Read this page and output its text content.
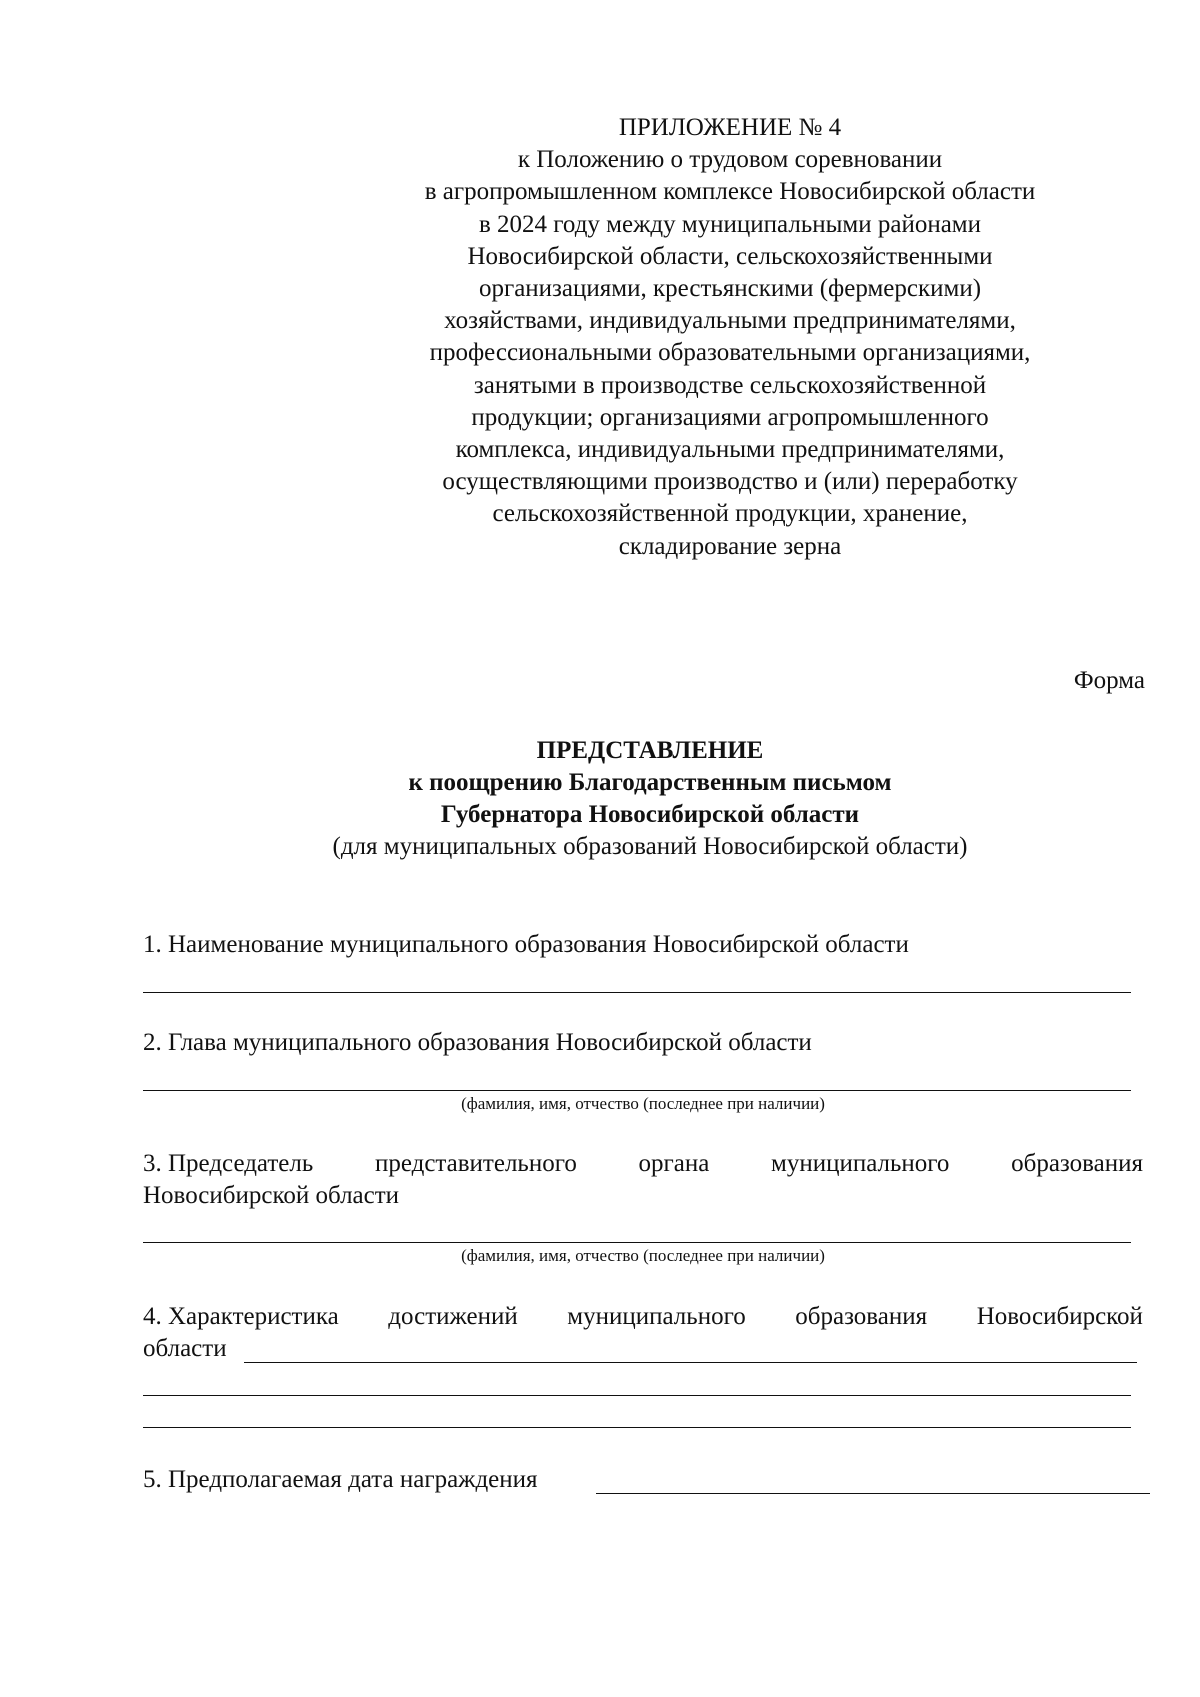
ПРИЛОЖЕНИЕ № 4
к Положению о трудовом соревновании
в агропромышленном комплексе Новосибирской области
в 2024 году между муниципальными районами
Новосибирской области, сельскохозяйственными
организациями, крестьянскими (фермерскими)
хозяйствами, индивидуальными предпринимателями,
профессиональными образовательными организациями,
занятыми в производстве сельскохозяйственной
продукции; организациями агропромышленного
комплекса, индивидуальными предпринимателями,
осуществляющими производство и (или) переработку
сельскохозяйственной продукции, хранение,
складирование зерна
Форма
ПРЕДСТАВЛЕНИЕ
к поощрению Благодарственным письмом
Губернатора Новосибирской области
(для муниципальных образований Новосибирской области)
1. Наименование муниципального образования Новосибирской области
2. Глава муниципального образования Новосибирской области
(фамилия, имя, отчество (последнее при наличии)
3. Председатель представительного органа муниципального образования
Новосибирской области
(фамилия, имя, отчество (последнее при наличии)
4. Характеристика достижений муниципального образования Новосибирской
области
5. Предполагаемая дата награждения
